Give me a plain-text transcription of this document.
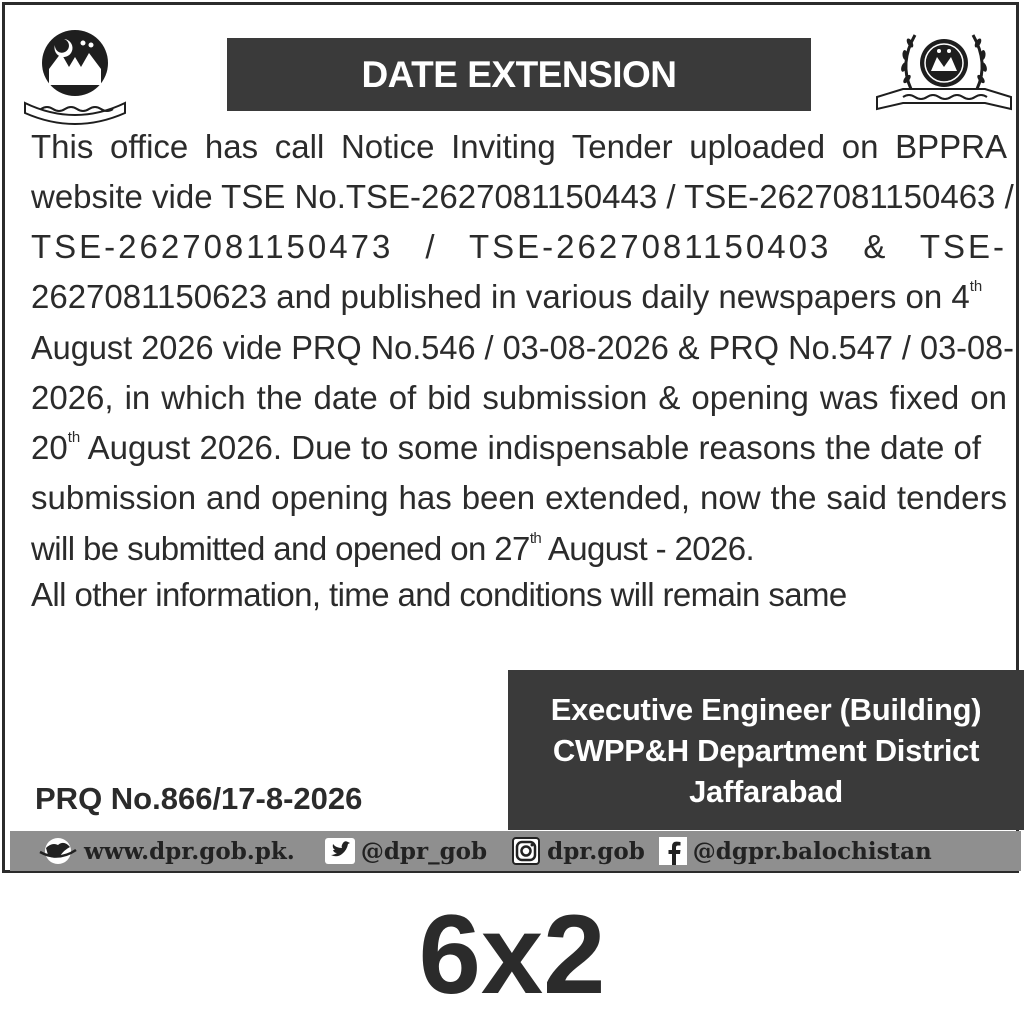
DATE EXTENSION
This office has call Notice Inviting Tender uploaded on BPPRA
website vide TSE No.TSE-2627081150443 / TSE-2627081150463 /
TSE-2627081150473 / TSE-2627081150403 & TSE-
2627081150623 and published in various daily newspapers on 4th
August 2026 vide PRQ No.546 / 03-08-2026 & PRQ No.547 / 03-08-
2026, in which the date of bid submission & opening was fixed on
20th August 2026. Due to some indispensable reasons the date of
submission and opening has been extended, now the said tenders
will be submitted and opened on 27th August - 2026.
All other information, time and conditions will remain same
PRQ No.866/17-8-2026
Executive Engineer (Building)
CWPP&H Department District
Jaffarabad
www.dpr.gob.pk.	@dpr_gob	dpr.gob @dgpr.balochistan
6x2
